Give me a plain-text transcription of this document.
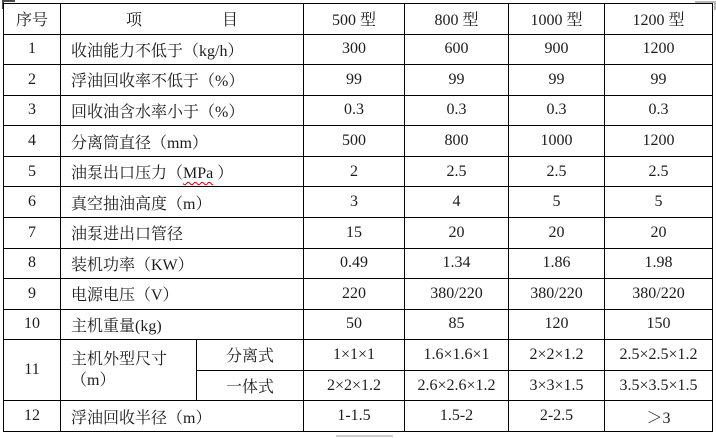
序号	项　　　　　目		500 型	800 型	1000 型	1200 型
1	收油能力不低于（kg/h）		300	600	900	1200
2	浮油回收率不低于（%）		99	99	99	99
3	回收油含水率小于（%）		0.3	0.3	0.3	0.3
4	分离筒直径（mm）		500	800	1000	1200
5	油泵出口压力（MPa ）		2	2.5	2.5	2.5
6	真空抽油高度（m）		3	4	5	5
7	油泵进出口管径		15	20	20	20
8	装机功率（KW）		0.49	1.34	1.86	1.98
9	电源电压（V）		220	380/220	380/220	380/220
10	主机重量(kg)		50	85	120	150
11	主机外型尺寸（m）	分离式	1×1×1	1.6×1.6×1	2×2×1.2	2.5×2.5×1.2
		一体式	2×2×1.2	2.6×2.6×1.2	3×3×1.5	3.5×3.5×1.5
12	浮油回收半径（m）		1-1.5	1.5-2	2-2.5	＞3
